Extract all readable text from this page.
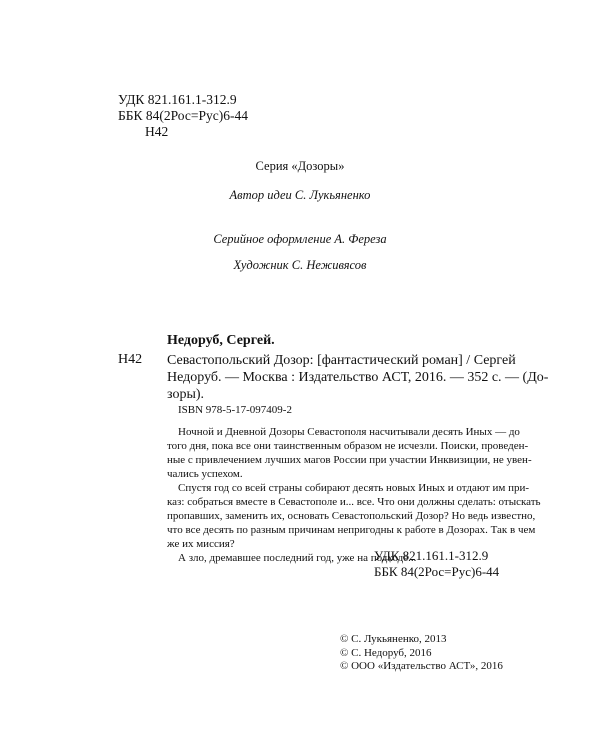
УДК 821.161.1-312.9
ББК 84(2Рос=Рус)6-44
Н42
Серия «Дозоры»
Автор идеи С. Лукьяненко
Серийное оформление А. Фереза
Художник С. Неживясов
Недоруб, Сергей.
Н42 Севастопольский Дозор: [фантастический роман] / Сергей
Недоруб. — Москва : Издательство АСТ, 2016. — 352 с. — (До-
зоры).
ISBN 978-5-17-097409-2
Ночной и Дневной Дозоры Севастополя насчитывали десять Иных — до
того дня, пока все они таинственным образом не исчезли. Поиски, проведен-
ные с привлечением лучших магов России при участии Инквизиции, не увен-
чались успехом.
Спустя год со всей страны собирают десять новых Иных и отдают им при-
каз: собраться вместе в Севастополе и... все. Что они должны сделать: отыскать
пропавших, заменить их, основать Севастопольский Дозор? Но ведь известно,
что все десять по разным причинам непригодны к работе в Дозорах. Так в чем
же их миссия?
А зло, дремавшее последний год, уже на подходе...
УДК 821.161.1-312.9
ББК 84(2Рос=Рус)6-44
© С. Лукьяненко, 2013
© С. Недоруб, 2016
© ООО «Издательство АСТ», 2016
